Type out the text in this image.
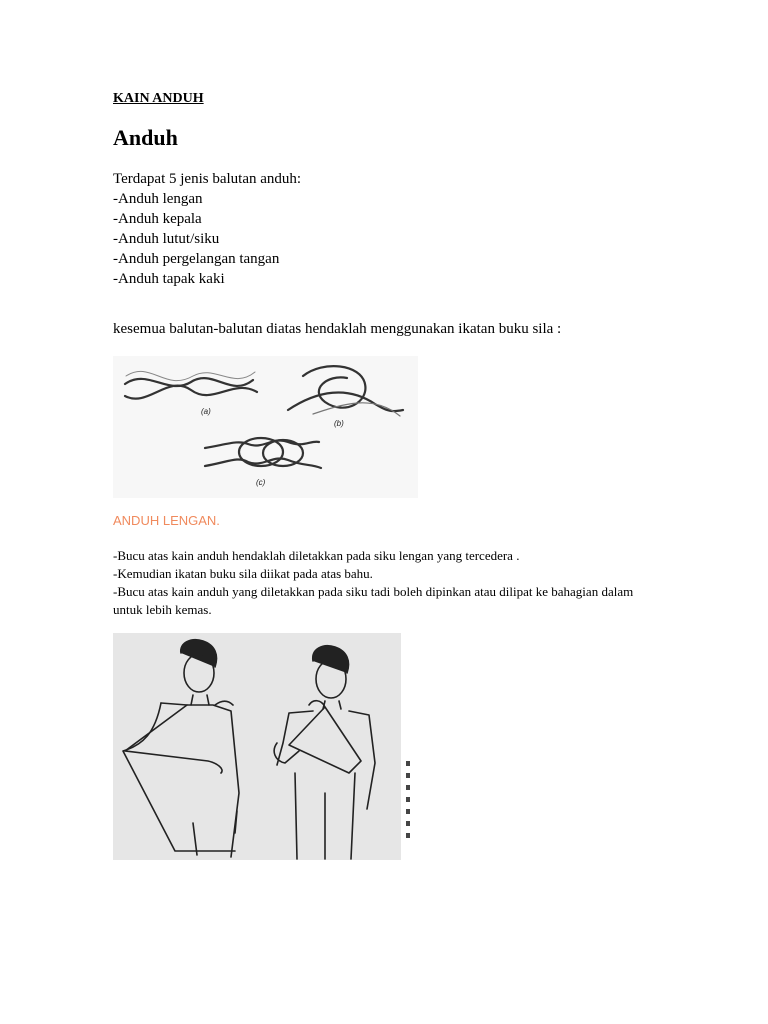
KAIN ANDUH
Anduh
Terdapat 5 jenis balutan anduh:
-Anduh lengan
-Anduh kepala
-Anduh lutut/siku
-Anduh pergelangan tangan
-Anduh tapak kaki
kesemua balutan-balutan diatas hendaklah menggunakan ikatan buku sila :
(a)
(b)
(c)
ANDUH LENGAN.
-Bucu atas kain anduh hendaklah diletakkan pada siku lengan yang tercedera .
-Kemudian ikatan buku sila diikat pada atas bahu.
-Bucu atas kain anduh yang diletakkan pada siku tadi boleh dipinkan atau dilipat ke bahagian dalam untuk lebih kemas.
